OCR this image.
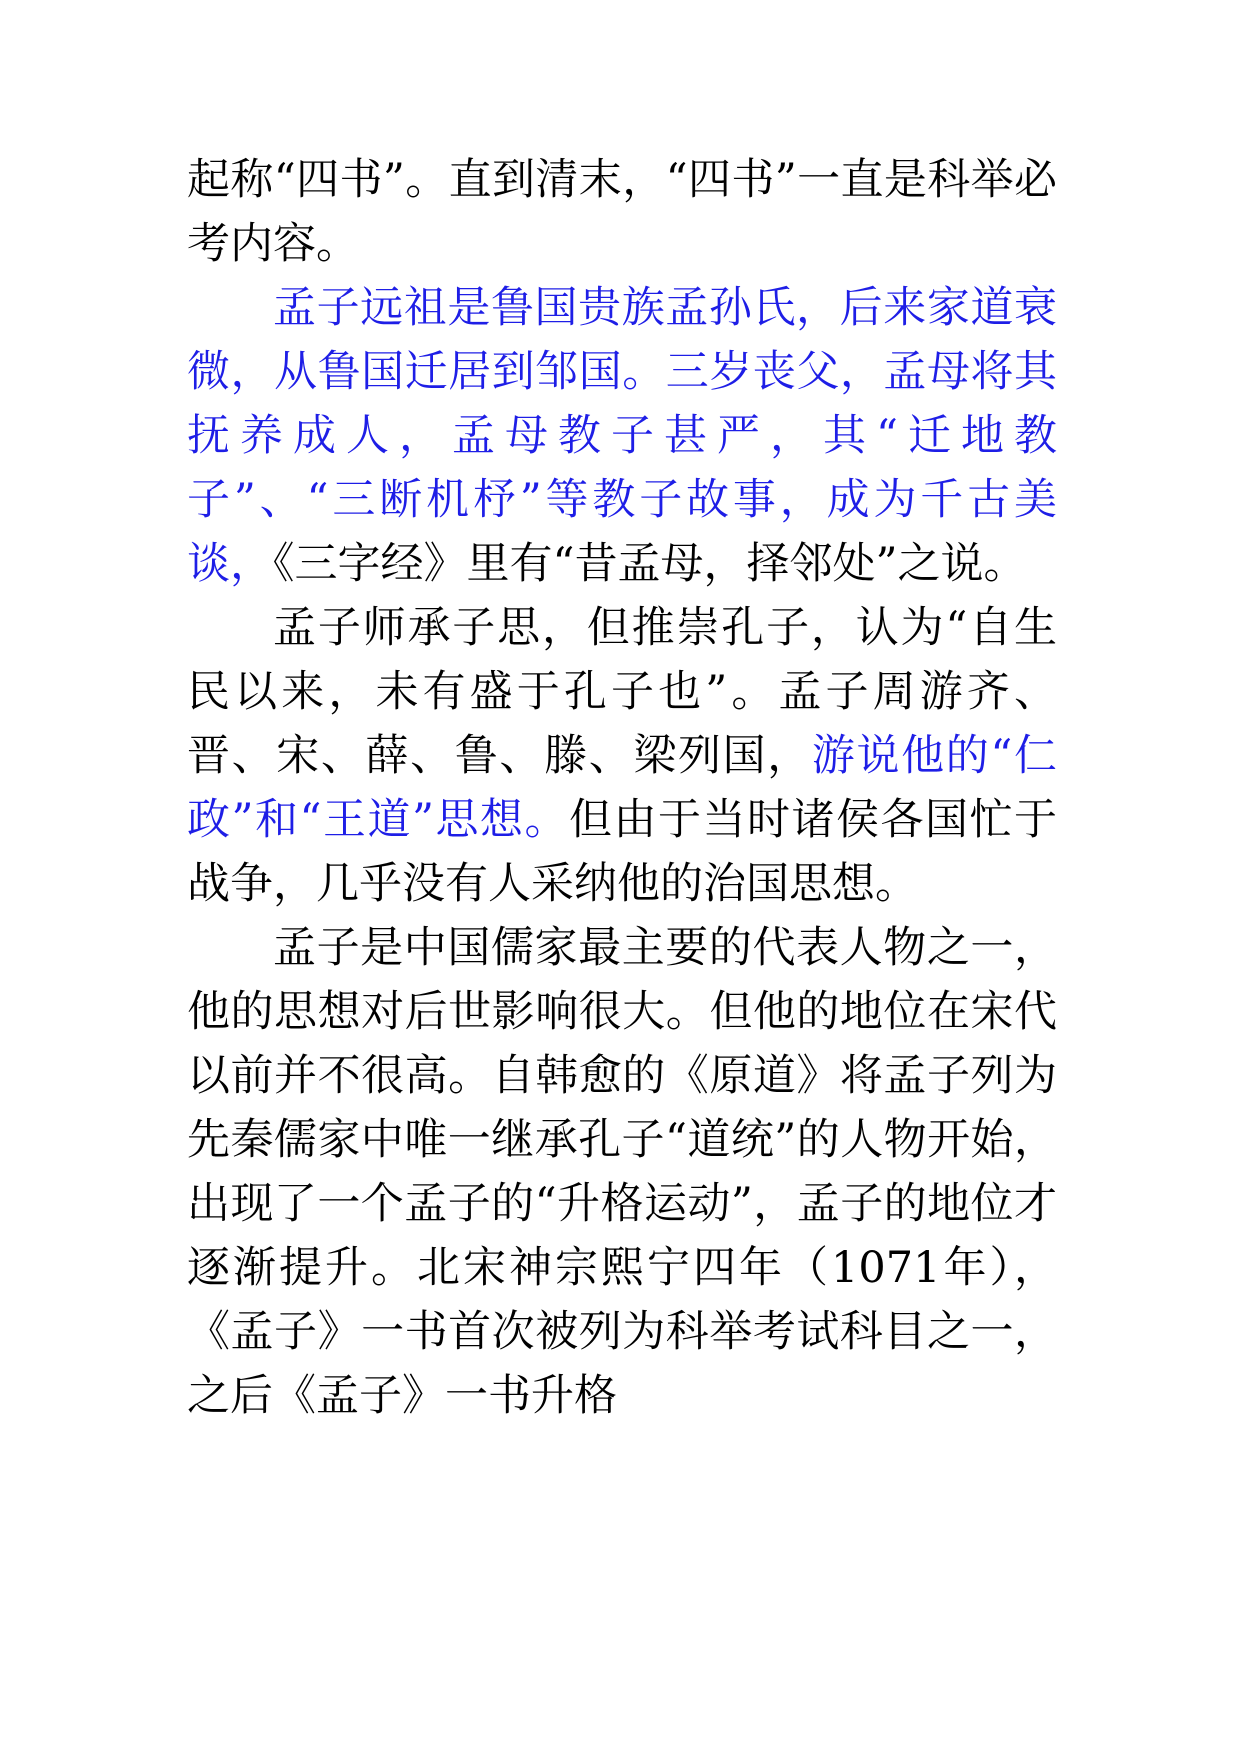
起称“四书”。直到清末，“四书”一直是科举必考内容。

孟子远祖是鲁国贵族孟孙氏，后来家道衰微，从鲁国迁居到邹国。三岁丧父，孟母将其抚养成人，孟母教子甚严，其“迁地教子”、“三断机杼”等教子故事，成为千古美谈，《三字经》里有“昔孟母，择邻处”之说。

孟子师承子思，但推崇孔子，认为“自生民以来，未有盛于孔子也”。孟子周游齐、晋、宋、薛、鲁、滕、梁列国，游说他的“仁政”和“王道”思想。但由于当时诸侯各国忙于战争，几乎没有人采纳他的治国思想。

孟子是中国儒家最主要的代表人物之一，他的思想对后世影响很大。但他的地位在宋代以前并不很高。自韩愈的《原道》将孟子列为先秦儒家中唯一继承孔子“道统”的人物开始，出现了一个孟子的“升格运动”，孟子的地位才逐渐提升。北宋神宗熙宁四年（1071年），《孟子》一书首次被列为科举考试科目之一，之后《孟子》一书升格
